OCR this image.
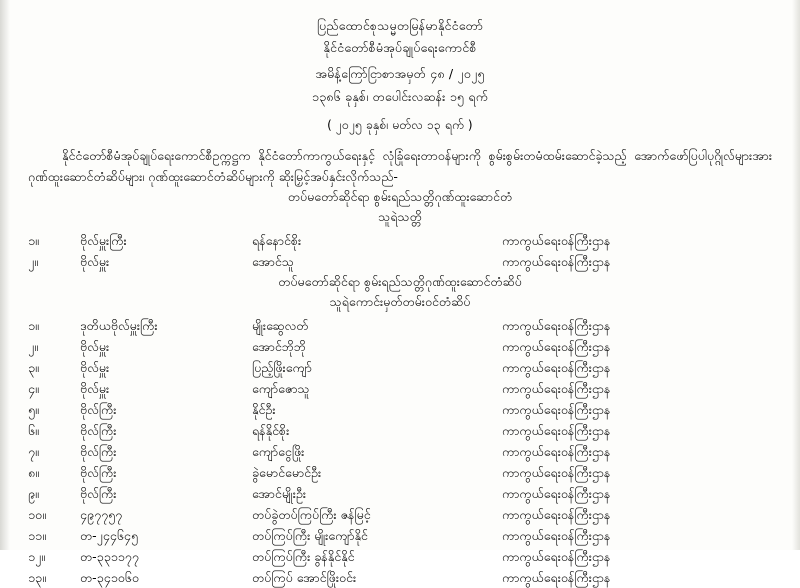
ပြည်ထောင်စုသမ္မတမြန်မာနိုင်ငံတော်
နိုင်ငံတော်စီမံအုပ်ချုပ်ရေးကောင်စီ
အမိန့်ကြော်ငြာစာအမှတ် ၄၈ / ၂၀၂၅
၁၃၈၆ ခုနှစ်၊ တပေါင်းလဆန်း ၁၅ ရက်
( ၂၀၂၅ ခုနှစ်၊ မတ်လ ၁၃ ရက် )
နိုင်ငံတော်စီမံအုပ်ချုပ်ရေးကောင်စီဥက္ကဋ္ဌက နိုင်ငံတော်ကာကွယ်ရေးနှင့် လုံခြုံရေးတာဝန်များကို စွမ်းစွမ်းတမံထမ်းဆောင်ခဲ့သည့် အောက်ဖော်ပြပါပုဂ္ဂိုလ်များအား ဂုဏ်ထူးဆောင်တံဆိပ်များ၊ ဂုဏ်ထူးဆောင်တံဆိပ်များကို ဆိုးမြှင့်အပ်နှင်းလိုက်သည်-
တပ်မတော်ဆိုင်ရာ စွမ်းရည်သတ္တိဂုဏ်ထူးဆောင်တံ
သူရဲသတ္တိ
၁။	ဗိုလ်မှူးကြီး	ရန်နောင်စိုး	ကာကွယ်ရေးဝန်ကြီးဌာန
၂။	ဗိုလ်မှူး	အောင်သူ	ကာကွယ်ရေးဝန်ကြီးဌာန
တပ်မတော်ဆိုင်ရာ စွမ်းရည်သတ္တိဂုဏ်ထူးဆောင်တံဆိပ်
သူရဲကောင်းမှတ်တမ်းဝင်တံဆိပ်
၁။	ဒုတိယဗိုလ်မှူးကြီး	မျိုးဆွေလတ်	ကာကွယ်ရေးဝန်ကြီးဌာန
၂။	ဗိုလ်မှူး	အောင်ဘိုဘို	ကာကွယ်ရေးဝန်ကြီးဌာန
၃။	ဗိုလ်မှူး	ပြည့်ဖြိုးကျော်	ကာကွယ်ရေးဝန်ကြီးဌာန
၄။	ဗိုလ်မှူး	ကျော်ဇောသူ	ကာကွယ်ရေးဝန်ကြီးဌာန
၅။	ဗိုလ်ကြီး	နိုင်ဦး	ကာကွယ်ရေးဝန်ကြီးဌာန
၆။	ဗိုလ်ကြီး	ရန်နိုင်စိုး	ကာကွယ်ရေးဝန်ကြီးဌာန
၇။	ဗိုလ်ကြီး	ကျော်ငွေဖြိုး	ကာကွယ်ရေးဝန်ကြီးဌာန
၈။	ဗိုလ်ကြီး	ခွဲမောင်မောင်ဦး	ကာကွယ်ရေးဝန်ကြီးဌာန
၉။	ဗိုလ်ကြီး	အောင်မျိုးဦး	ကာကွယ်ရေးဝန်ကြီးဌာန
၁၀။	၄၉၇၇၅၇	တပ်ခွဲတပ်ကြပ်ကြီး ဇန်မြင့်	ကာကွယ်ရေးဝန်ကြီးဌာန
၁၁။	တ-၂၄၄၆၄၅	တပ်ကြပ်ကြီး မျိုးကျော်နိုင်	ကာကွယ်ရေးဝန်ကြီးဌာန
၁၂။	တ-၃၃၁၁၇၇	တပ်ကြပ်ကြီး ခွန်နိုင်နိုင်	ကာကွယ်ရေးဝန်ကြီးဌာန
၁၃။	တ-၃၄၁၀၆၀	တပ်ကြပ် အောင်ဖြိုးဝင်း	ကာကွယ်ရေးဝန်ကြီးဌာန
